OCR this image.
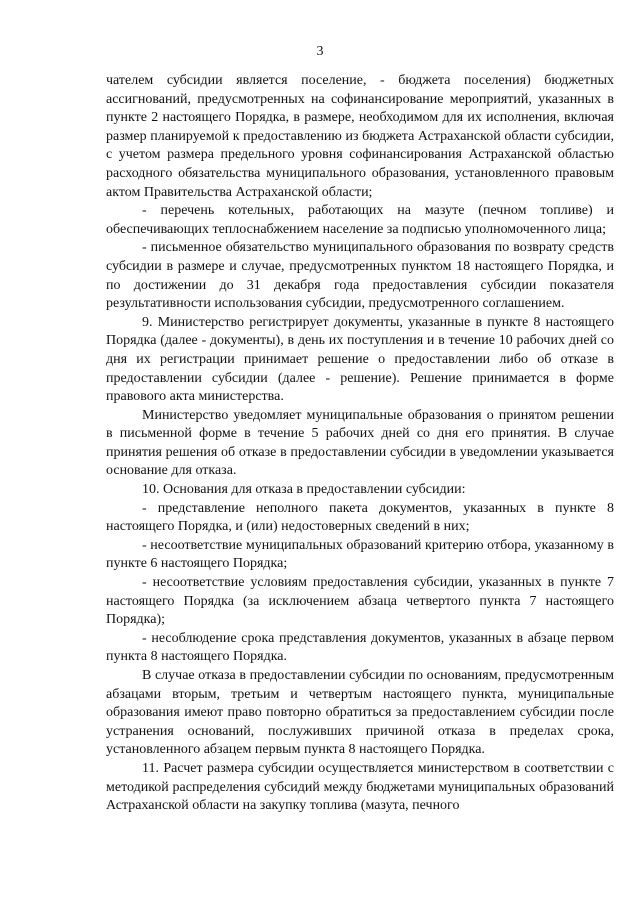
3

чателем субсидии является поселение, - бюджета поселения) бюджетных ассигнований, предусмотренных на софинансирование мероприятий, указанных в пункте 2 настоящего Порядка, в размере, необходимом для их исполнения, включая размер планируемой к предоставлению из бюджета Астраханской области субсидии, с учетом размера предельного уровня софинансирования Астраханской областью расходного обязательства муниципального образования, установленного правовым актом Правительства Астраханской области;

- перечень котельных, работающих на мазуте (печном топливе) и обеспечивающих теплоснабжением население за подписью уполномоченного лица;

- письменное обязательство муниципального образования по возврату средств субсидии в размере и случае, предусмотренных пунктом 18 настоящего Порядка, и по достижении до 31 декабря года предоставления субсидии показателя результативности использования субсидии, предусмотренного соглашением.

9. Министерство регистрирует документы, указанные в пункте 8 настоящего Порядка (далее - документы), в день их поступления и в течение 10 рабочих дней со дня их регистрации принимает решение о предоставлении либо об отказе в предоставлении субсидии (далее - решение). Решение принимается в форме правового акта министерства.

Министерство уведомляет муниципальные образования о принятом решении в письменной форме в течение 5 рабочих дней со дня его принятия. В случае принятия решения об отказе в предоставлении субсидии в уведомлении указывается основание для отказа.

10. Основания для отказа в предоставлении субсидии:

- представление неполного пакета документов, указанных в пункте 8 настоящего Порядка, и (или) недостоверных сведений в них;

- несоответствие муниципальных образований критерию отбора, указанному в пункте 6 настоящего Порядка;

- несоответствие условиям предоставления субсидии, указанных в пункте 7 настоящего Порядка (за исключением абзаца четвертого пункта 7 настоящего Порядка);

- несоблюдение срока представления документов, указанных в абзаце первом пункта 8 настоящего Порядка.

В случае отказа в предоставлении субсидии по основаниям, предусмотренным абзацами вторым, третьим и четвертым настоящего пункта, муниципальные образования имеют право повторно обратиться за предоставлением субсидии после устранения оснований, послуживших причиной отказа в пределах срока, установленного абзацем первым пункта 8 настоящего Порядка.

11. Расчет размера субсидии осуществляется министерством в соответствии с методикой распределения субсидий между бюджетами муниципальных образований Астраханской области на закупку топлива (мазута, печного
